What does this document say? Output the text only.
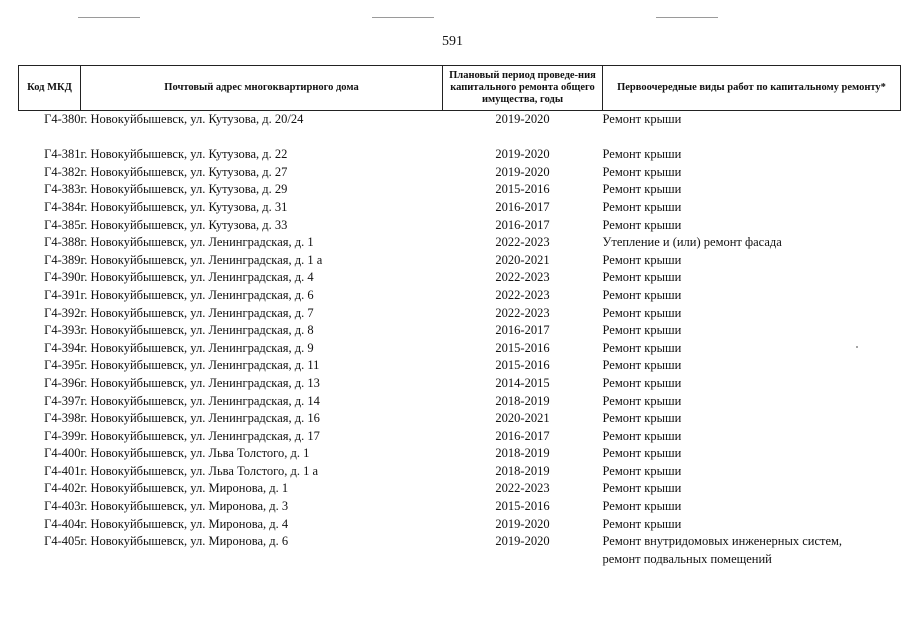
591
Код МКД	Почтовый адрес многоквартирного дома	Плановый период проведе-ния капитального ремонта общего имущества, годы	Первоочередные виды работ по капитальному ремонту*
Г4-380	г. Новокуйбышевск, ул. Кутузова, д. 20/24	2019-2020	Ремонт крыши

Г4-381	г. Новокуйбышевск, ул. Кутузова, д. 22	2019-2020	Ремонт крыши
Г4-382	г. Новокуйбышевск, ул. Кутузова, д. 27	2019-2020	Ремонт крыши
Г4-383	г. Новокуйбышевск, ул. Кутузова, д. 29	2015-2016	Ремонт крыши
Г4-384	г. Новокуйбышевск, ул. Кутузова, д. 31	2016-2017	Ремонт крыши
Г4-385	г. Новокуйбышевск, ул. Кутузова, д. 33	2016-2017	Ремонт крыши
Г4-388	г. Новокуйбышевск, ул. Ленинградская, д. 1	2022-2023	Утепление и (или) ремонт фасада
Г4-389	г. Новокуйбышевск, ул. Ленинградская, д. 1 а	2020-2021	Ремонт крыши
Г4-390	г. Новокуйбышевск, ул. Ленинградская, д. 4	2022-2023	Ремонт крыши
Г4-391	г. Новокуйбышевск, ул. Ленинградская, д. 6	2022-2023	Ремонт крыши
Г4-392	г. Новокуйбышевск, ул. Ленинградская, д. 7	2022-2023	Ремонт крыши
Г4-393	г. Новокуйбышевск, ул. Ленинградская, д. 8	2016-2017	Ремонт крыши
Г4-394	г. Новокуйбышевск, ул. Ленинградская, д. 9	2015-2016	Ремонт крыши
Г4-395	г. Новокуйбышевск, ул. Ленинградская, д. 11	2015-2016	Ремонт крыши
Г4-396	г. Новокуйбышевск, ул. Ленинградская, д. 13	2014-2015	Ремонт крыши
Г4-397	г. Новокуйбышевск, ул. Ленинградская, д. 14	2018-2019	Ремонт крыши
Г4-398	г. Новокуйбышевск, ул. Ленинградская, д. 16	2020-2021	Ремонт крыши
Г4-399	г. Новокуйбышевск, ул. Ленинградская, д. 17	2016-2017	Ремонт крыши
Г4-400	г. Новокуйбышевск, ул. Льва Толстого, д. 1	2018-2019	Ремонт крыши
Г4-401	г. Новокуйбышевск, ул. Льва Толстого, д. 1 а	2018-2019	Ремонт крыши
Г4-402	г. Новокуйбышевск, ул. Миронова, д. 1	2022-2023	Ремонт крыши
Г4-403	г. Новокуйбышевск, ул. Миронова, д. 3	2015-2016	Ремонт крыши
Г4-404	г. Новокуйбышевск, ул. Миронова, д. 4	2019-2020	Ремонт крыши
Г4-405	г. Новокуйбышевск, ул. Миронова, д. 6	2019-2020	Ремонт внутридомовых инженерных систем,
			ремонт подвальных помещений
